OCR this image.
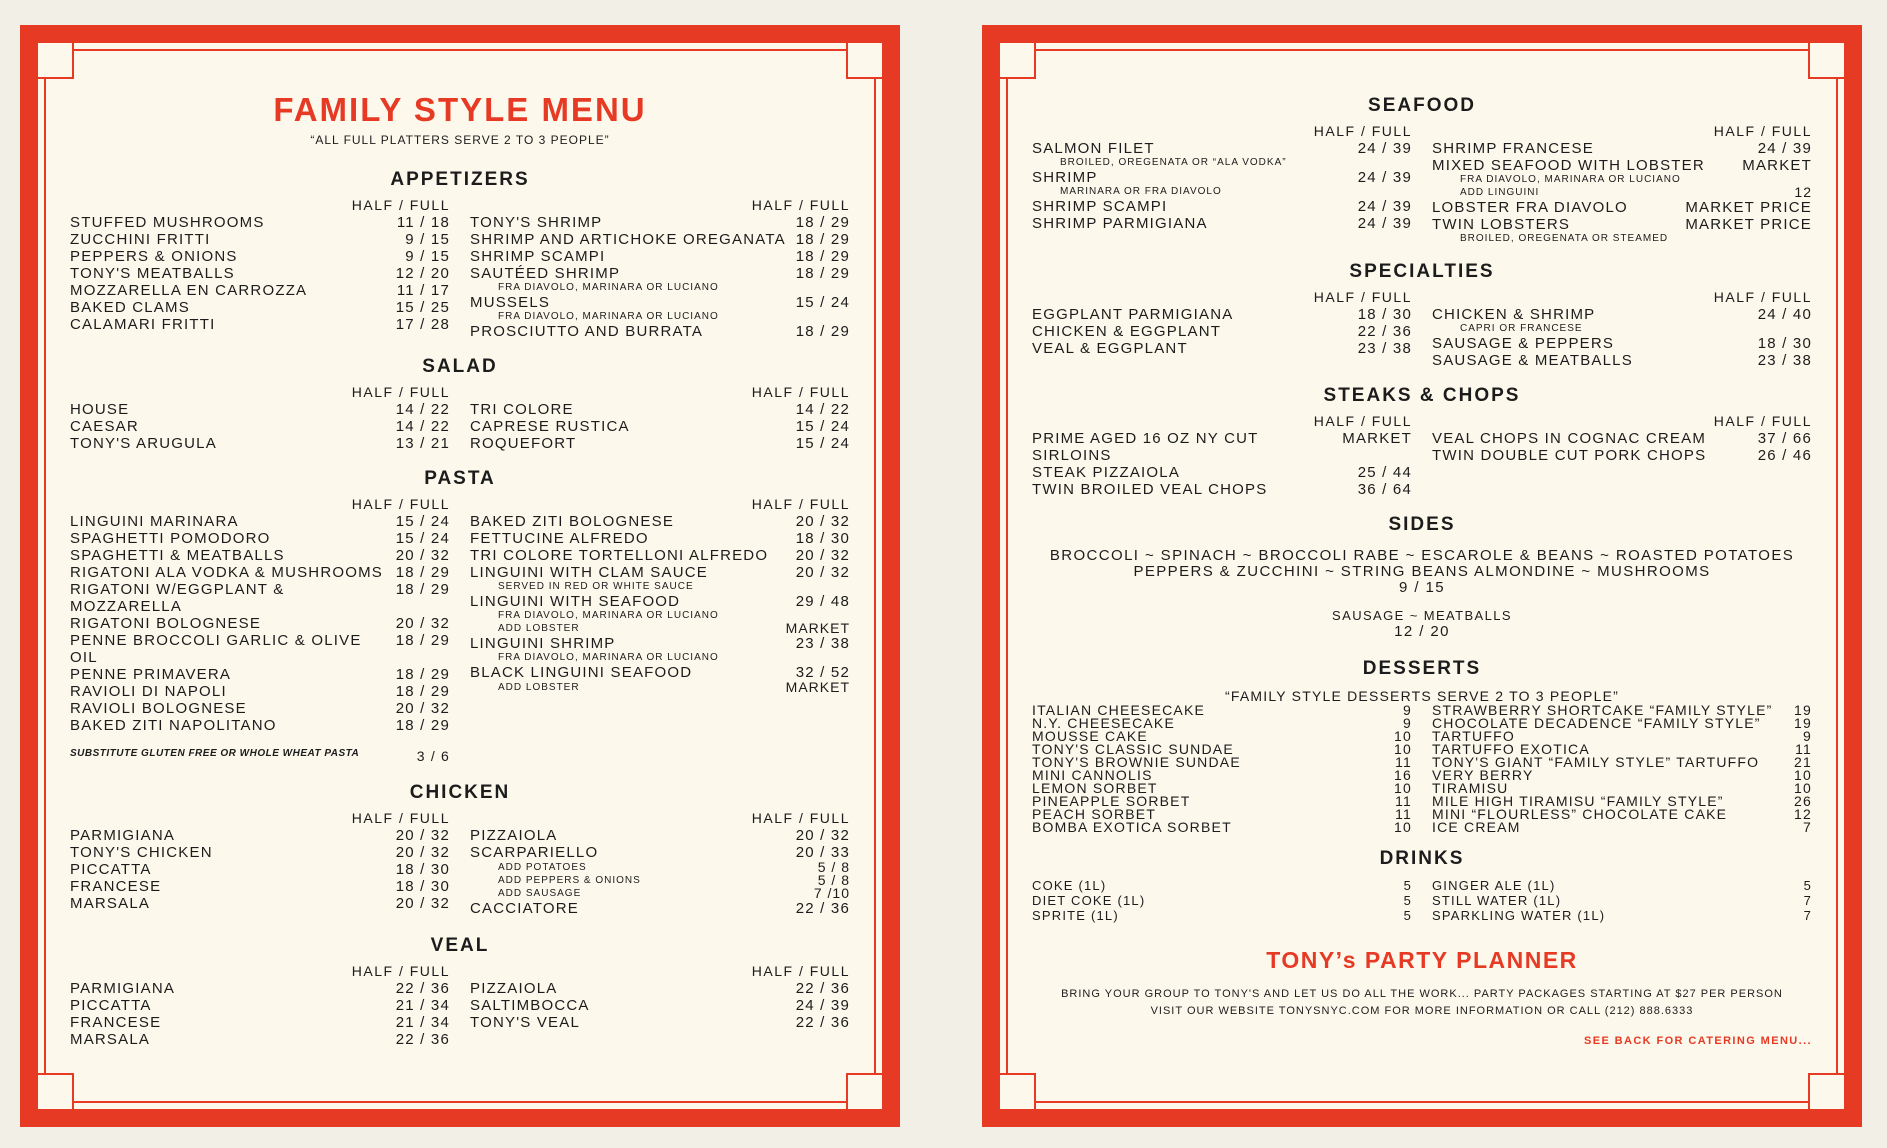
FAMILY STYLE MENU
“ALL FULL PLATTERS SERVE 2 TO 3 PEOPLE”
APPETIZERS
HALF / FULL
STUFFED MUSHROOMS	11 / 18
ZUCCHINI FRITTI	9 / 15
PEPPERS & ONIONS	9 / 15
TONY'S MEATBALLS	12 / 20
MOZZARELLA EN CARROZZA	11 / 17
BAKED CLAMS	15 / 25
CALAMARI FRITTI	17 / 28
HALF / FULL
TONY'S SHRIMP	18 / 29
SHRIMP AND ARTICHOKE OREGANATA 18 / 29
SHRIMP SCAMPI	18 / 29
SAUTÉED SHRIMP	18 / 29
FRA DIAVOLO, MARINARA OR LUCIANO
MUSSELS	15 / 24
FRA DIAVOLO, MARINARA OR LUCIANO
PROSCIUTTO AND BURRATA	18 / 29
SALAD
HALF / FULL
HOUSE	14 / 22
CAESAR	14 / 22
TONY'S ARUGULA	13 / 21
HALF / FULL
TRI COLORE	14 / 22
CAPRESE RUSTICA	15 / 24
ROQUEFORT	15 / 24
PASTA
HALF / FULL
LINGUINI MARINARA	15 / 24
SPAGHETTI POMODORO	15 / 24
SPAGHETTI & MEATBALLS	20 / 32
RIGATONI ALA VODKA & MUSHROOMS 18 / 29
RIGATONI W/EGGPLANT & MOZZARELLA
18 / 29
RIGATONI BOLOGNESE	20 / 32
PENNE BROCCOLI GARLIC & OLIVE OIL
18 / 29
PENNE PRIMAVERA	18 / 29
RAVIOLI DI NAPOLI	18 / 29
RAVIOLI BOLOGNESE	20 / 32
BAKED ZITI NAPOLITANO	18 / 29
HALF / FULL
BAKED ZITI BOLOGNESE	20 / 32
FETTUCINE ALFREDO	18 / 30
TRI COLORE TORTELLONI ALFREDO 20 / 32
LINGUINI WITH CLAM SAUCE	20 / 32
SERVED IN RED OR WHITE SAUCE
LINGUINI WITH SEAFOOD	29 / 48
FRA DIAVOLO, MARINARA OR LUCIANO
ADD LOBSTER	MARKET
LINGUINI SHRIMP	23 / 38
FRA DIAVOLO, MARINARA OR LUCIANO
BLACK LINGUINI SEAFOOD	32 / 52
ADD LOBSTER	MARKET
SUBSTITUTE GLUTEN FREE OR WHOLE WHEAT PASTA	3 / 6
CHICKEN
HALF / FULL
PARMIGIANA	20 / 32
TONY'S CHICKEN	20 / 32
PICCATTA	18 / 30
FRANCESE	18 / 30
MARSALA	20 / 32
HALF / FULL
PIZZAIOLA	20 / 32
SCARPARIELLO	20 / 33
ADD POTATOES	5 / 8
ADD PEPPERS & ONIONS	5 / 8
ADD SAUSAGE	7 /10
CACCIATORE	22 / 36
VEAL
HALF / FULL
PARMIGIANA	22 / 36
PICCATTA	21 / 34
FRANCESE	21 / 34
MARSALA	22 / 36
HALF / FULL
PIZZAIOLA	22 / 36
SALTIMBOCCA	24 / 39
TONY'S VEAL	22 / 36
SEAFOOD
HALF / FULL
SALMON FILET	24 / 39
BROILED, OREGENATA OR “ALA VODKA”
SHRIMP	24 / 39
MARINARA OR FRA DIAVOLO
SHRIMP SCAMPI	24 / 39
SHRIMP PARMIGIANA	24 / 39
HALF / FULL
SHRIMP FRANCESE	24 / 39
MIXED SEAFOOD WITH LOBSTER MARKET
FRA DIAVOLO, MARINARA OR LUCIANO
ADD LINGUINI	12
LOBSTER FRA DIAVOLO	MARKET PRICE
TWIN LOBSTERS	MARKET PRICE
BROILED, OREGENATA OR STEAMED
SPECIALTIES
HALF / FULL
EGGPLANT PARMIGIANA	18 / 30
CHICKEN & EGGPLANT	22 / 36
VEAL & EGGPLANT	23 / 38
HALF / FULL
CHICKEN & SHRIMP	24 / 40
CAPRI OR FRANCESE
SAUSAGE & PEPPERS	18 / 30
SAUSAGE & MEATBALLS	23 / 38
STEAKS & CHOPS
HALF / FULL
PRIME AGED 16 OZ NY CUT SIRLOINS
MARKET
STEAK PIZZAIOLA	25 / 44
TWIN BROILED VEAL CHOPS	36 / 64
HALF / FULL
VEAL CHOPS IN COGNAC CREAM	37 / 66
TWIN DOUBLE CUT PORK CHOPS	26 / 46
SIDES
BROCCOLI ~ SPINACH ~ BROCCOLI RABE ~ ESCAROLE & BEANS ~ ROASTED POTATOES
PEPPERS & ZUCCHINI ~ STRING BEANS ALMONDINE ~ MUSHROOMS
9 / 15
SAUSAGE ~ MEATBALLS
12 / 20
DESSERTS
“FAMILY STYLE DESSERTS SERVE 2 TO 3 PEOPLE”
ITALIAN CHEESECAKE	9
N.Y. CHEESECAKE	9
MOUSSE CAKE	10
TONY'S CLASSIC SUNDAE	10
TONY'S BROWNIE SUNDAE	11
MINI CANNOLIS	16
LEMON SORBET	10
PINEAPPLE SORBET	11
PEACH SORBET	11
BOMBA EXOTICA SORBET	10
STRAWBERRY SHORTCAKE “FAMILY STYLE” 19
CHOCOLATE DECADENCE “FAMILY STYLE” 19
TARTUFFO	9
TARTUFFO EXOTICA	11
TONY'S GIANT “FAMILY STYLE” TARTUFFO 21
VERY BERRY	10
TIRAMISU	10
MILE HIGH TIRAMISU “FAMILY STYLE”	26
MINI “FLOURLESS” CHOCOLATE CAKE	12
ICE CREAM	7
DRINKS
COKE (1L)	5
DIET COKE (1L)	5
SPRITE (1L)	5
GINGER ALE (1L)	5
STILL WATER (1L)	7
SPARKLING WATER (1L)	7
TONY’s PARTY PLANNER
BRING YOUR GROUP TO TONY'S AND LET US DO ALL THE WORK... PARTY PACKAGES STARTING AT $27 PER PERSON
VISIT OUR WEBSITE TONYSNYC.COM FOR MORE INFORMATION OR CALL (212) 888.6333
SEE BACK FOR CATERING MENU...
